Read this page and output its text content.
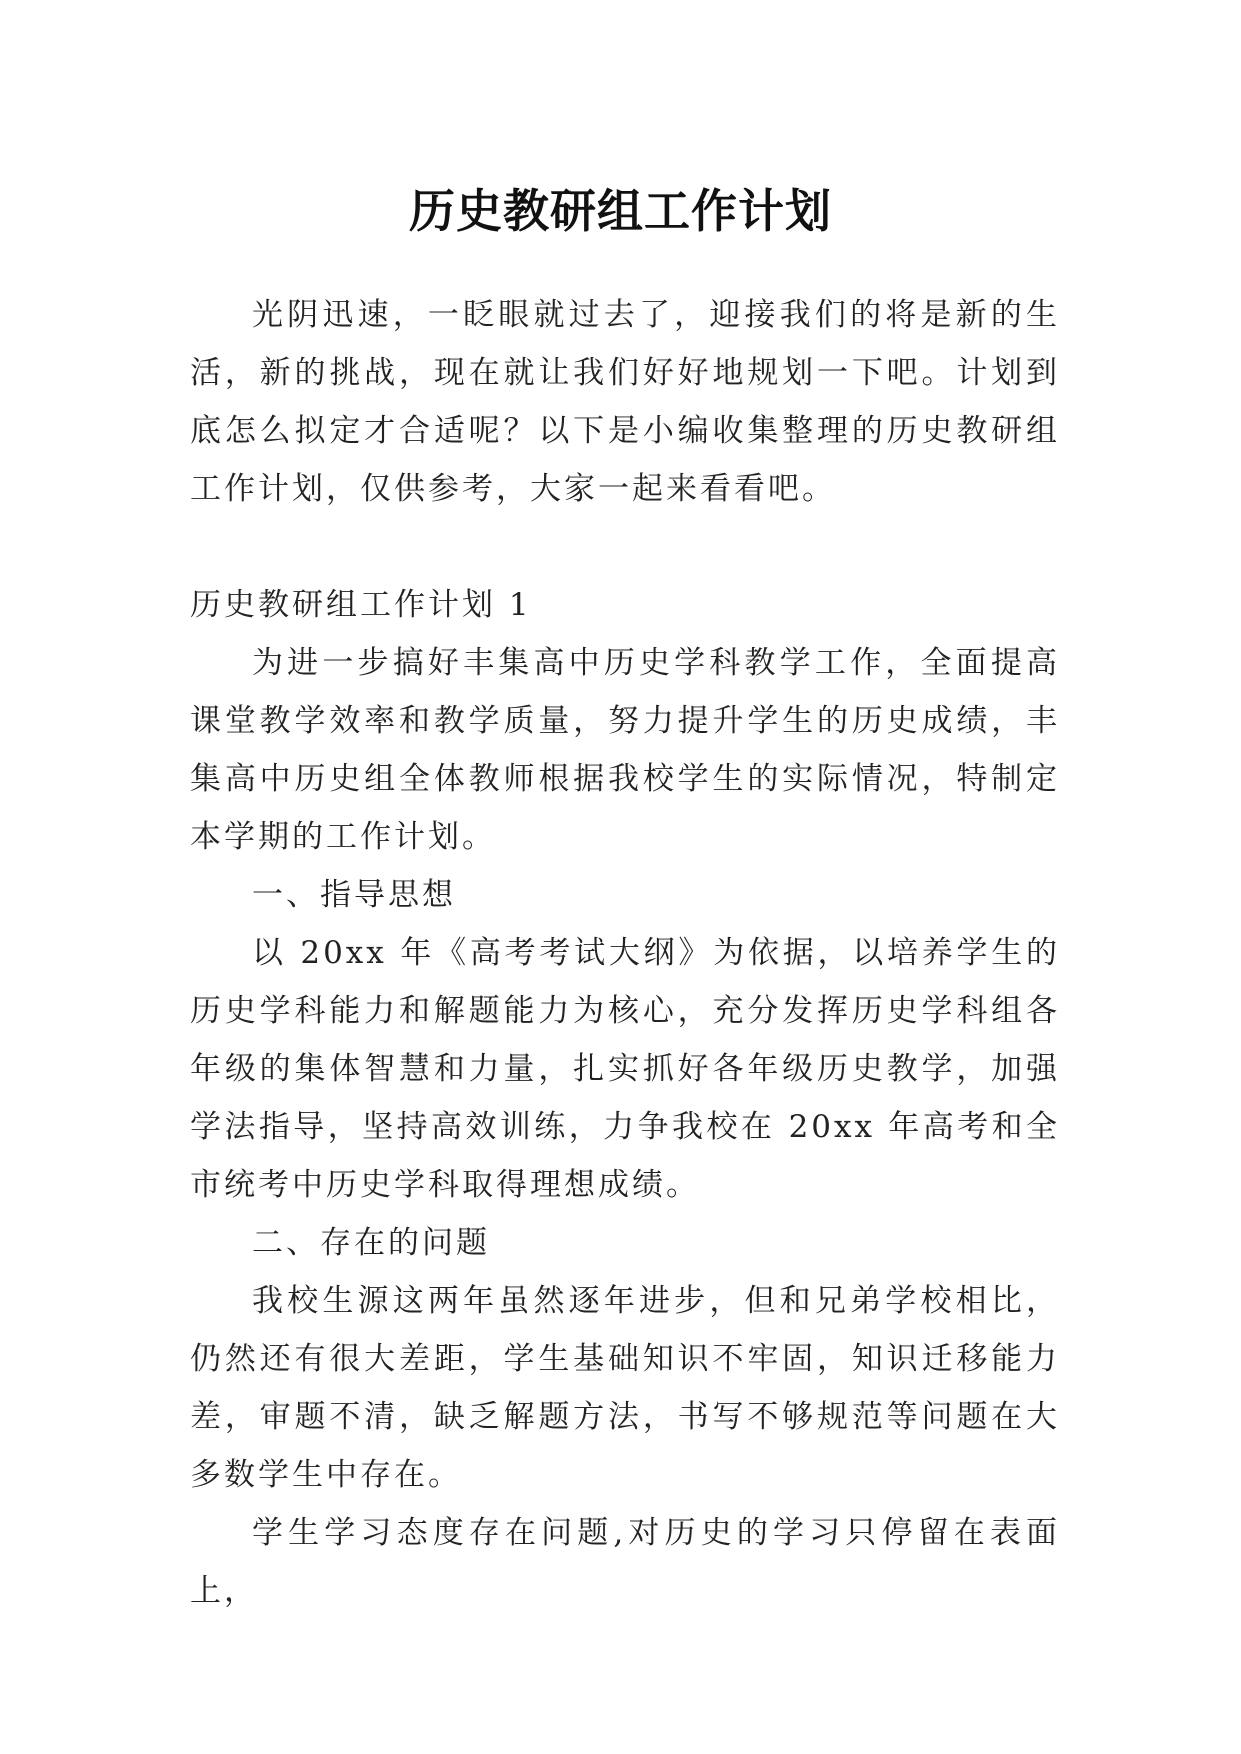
历史教研组工作计划

光阴迅速，一眨眼就过去了，迎接我们的将是新的生活，新的挑战，现在就让我们好好地规划一下吧。计划到底怎么拟定才合适呢？以下是小编收集整理的历史教研组工作计划，仅供参考，大家一起来看看吧。

历史教研组工作计划 1

为进一步搞好丰集高中历史学科教学工作，全面提高课堂教学效率和教学质量，努力提升学生的历史成绩，丰集高中历史组全体教师根据我校学生的实际情况，特制定本学期的工作计划。

一、指导思想

以 20xx 年《高考考试大纲》为依据，以培养学生的历史学科能力和解题能力为核心，充分发挥历史学科组各年级的集体智慧和力量，扎实抓好各年级历史教学，加强学法指导，坚持高效训练，力争我校在 20xx 年高考和全市统考中历史学科取得理想成绩。

二、存在的问题

我校生源这两年虽然逐年进步，但和兄弟学校相比，仍然还有很大差距，学生基础知识不牢固，知识迁移能力差，审题不清，缺乏解题方法，书写不够规范等问题在大多数学生中存在。

学生学习态度存在问题,对历史的学习只停留在表面上，
